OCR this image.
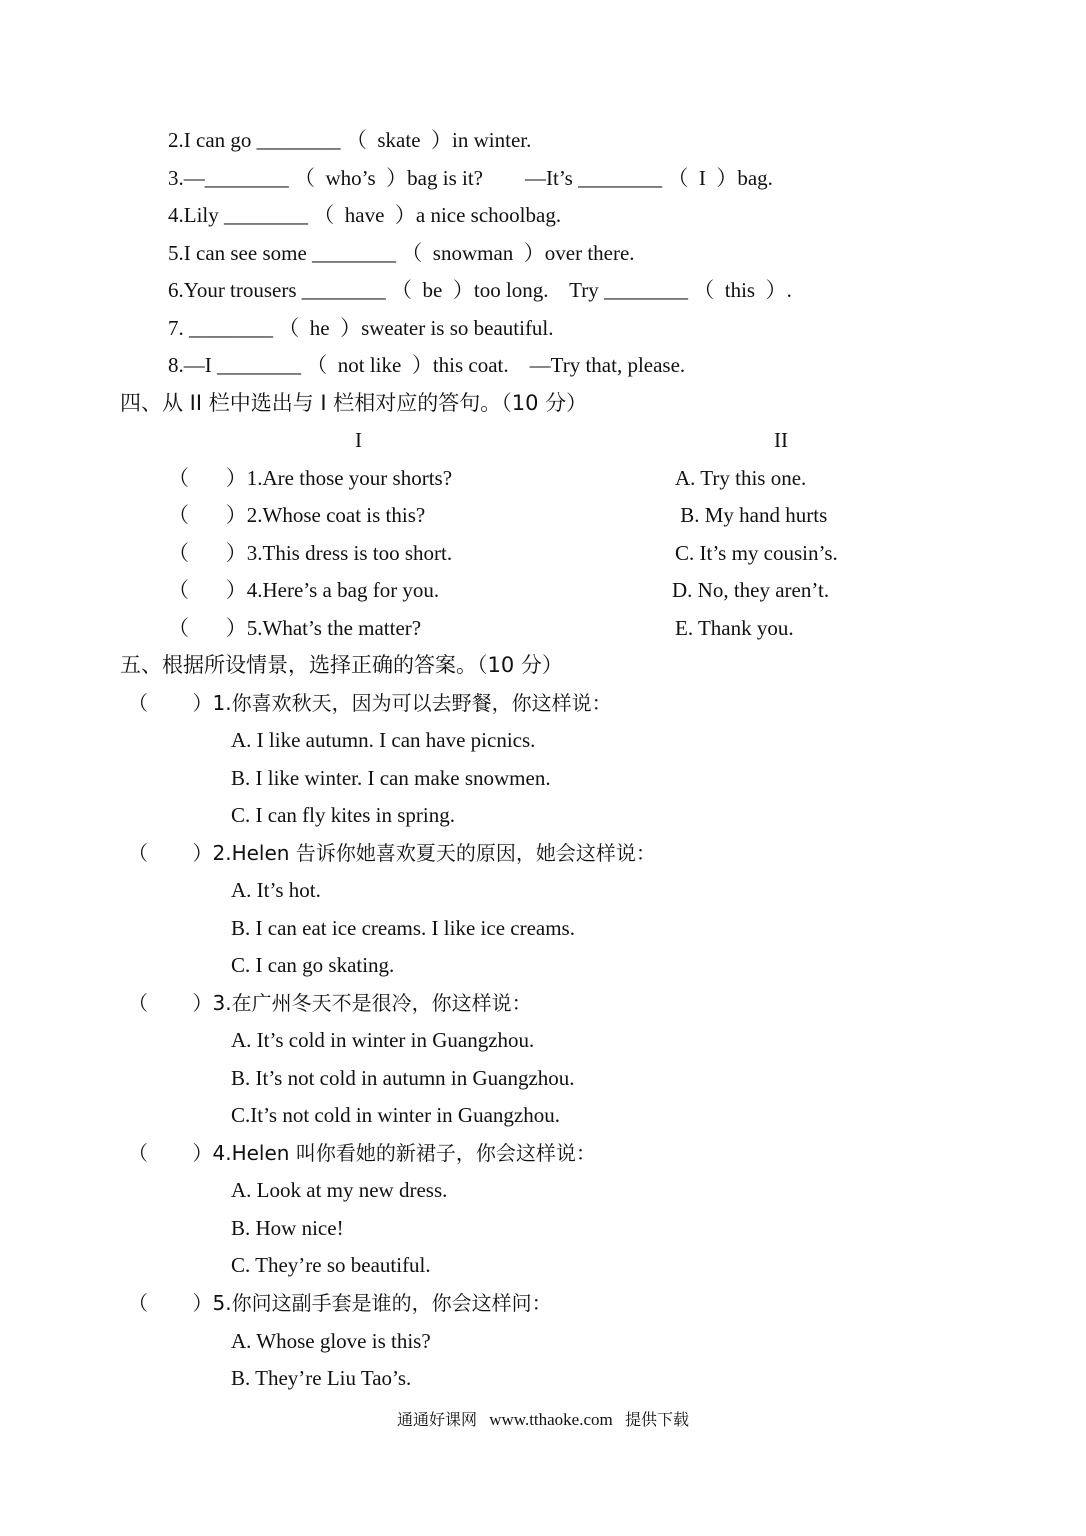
2.I can go ________ （  skate  ）in winter.
3.—________ （  who’s  ）bag is it?        —It’s ________ （  I  ）bag.
4.Lily ________ （  have  ）a nice schoolbag.
5.I can see some ________ （  snowman  ）over there.
6.Your trousers ________ （  be  ）too long.    Try ________ （  this  ）.
7. ________ （  he  ）sweater is so beautiful.
8.—I ________ （  not like  ）this coat.    —Try that, please.
四、从 II 栏中选出与 I 栏相对应的答句。（10 分）
I	II
（       ）1.Are those your shorts?	A. Try this one.
（       ）2.Whose coat is this?	B. My hand hurts
（       ）3.This dress is too short.	C. It’s my cousin’s.
（       ）4.Here’s a bag for you.	D. No, they aren’t.
（       ）5.What’s the matter?	E. Thank you.
五、根据所设情景，选择正确的答案。（10 分）
（       ）1.你喜欢秋天，因为可以去野餐，你这样说：
A. I like autumn. I can have picnics.
B. I like winter. I can make snowmen.
C. I can fly kites in spring.
（       ）2.Helen 告诉你她喜欢夏天的原因，她会这样说：
A. It’s hot.
B. I can eat ice creams. I like ice creams.
C. I can go skating.
（       ）3.在广州冬天不是很冷，你这样说：
A. It’s cold in winter in Guangzhou.
B. It’s not cold in autumn in Guangzhou.
C.It’s not cold in winter in Guangzhou.
（       ）4.Helen 叫你看她的新裙子，你会这样说：
A. Look at my new dress.
B. How nice!
C. They’re so beautiful.
（       ）5.你问这副手套是谁的，你会这样问：
A. Whose glove is this?
B. They’re Liu Tao’s.
通通好课网 www.tthaoke.com 提供下载
